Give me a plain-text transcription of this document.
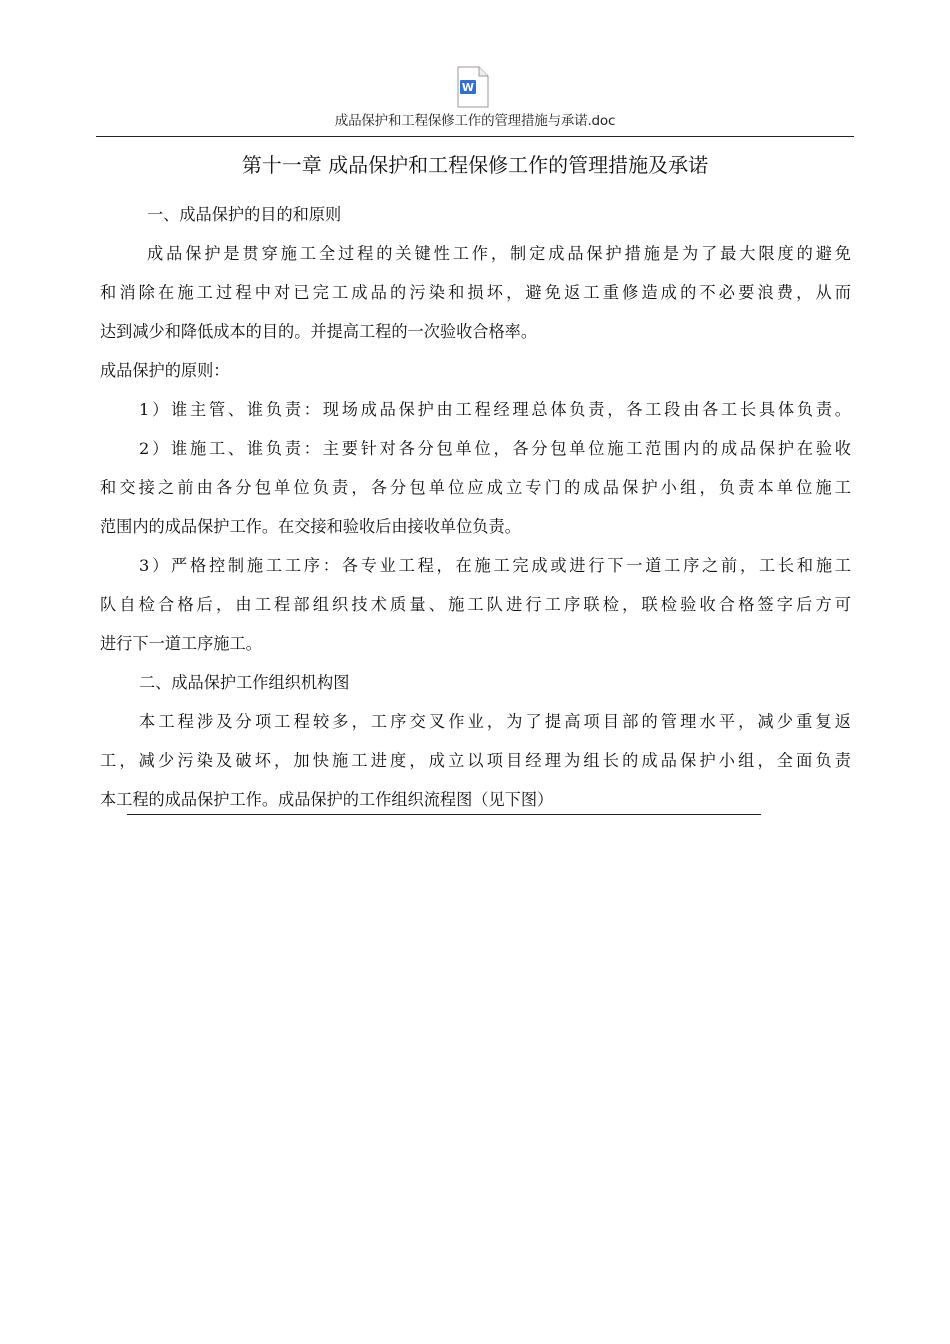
W
成品保护和工程保修工作的管理措施与承诺.doc
第十一章 成品保护和工程保修工作的管理措施及承诺
一、成品保护的目的和原则
成品保护是贯穿施工全过程的关键性工作，制定成品保护措施是为了最大限度的避免
和消除在施工过程中对已完工成品的污染和损坏，避免返工重修造成的不必要浪费，从而
达到减少和降低成本的目的。并提高工程的一次验收合格率。
成品保护的原则：
1）谁主管、谁负责：现场成品保护由工程经理总体负责，各工段由各工长具体负责。
2）谁施工、谁负责：主要针对各分包单位，各分包单位施工范围内的成品保护在验收
和交接之前由各分包单位负责，各分包单位应成立专门的成品保护小组，负责本单位施工
范围内的成品保护工作。在交接和验收后由接收单位负责。
3）严格控制施工工序：各专业工程，在施工完成或进行下一道工序之前，工长和施工
队自检合格后，由工程部组织技术质量、施工队进行工序联检，联检验收合格签字后方可
进行下一道工序施工。
二、成品保护工作组织机构图
本工程涉及分项工程较多，工序交叉作业，为了提高项目部的管理水平，减少重复返
工，减少污染及破坏，加快施工进度，成立以项目经理为组长的成品保护小组，全面负责
本工程的成品保护工作。成品保护的工作组织流程图（见下图）
